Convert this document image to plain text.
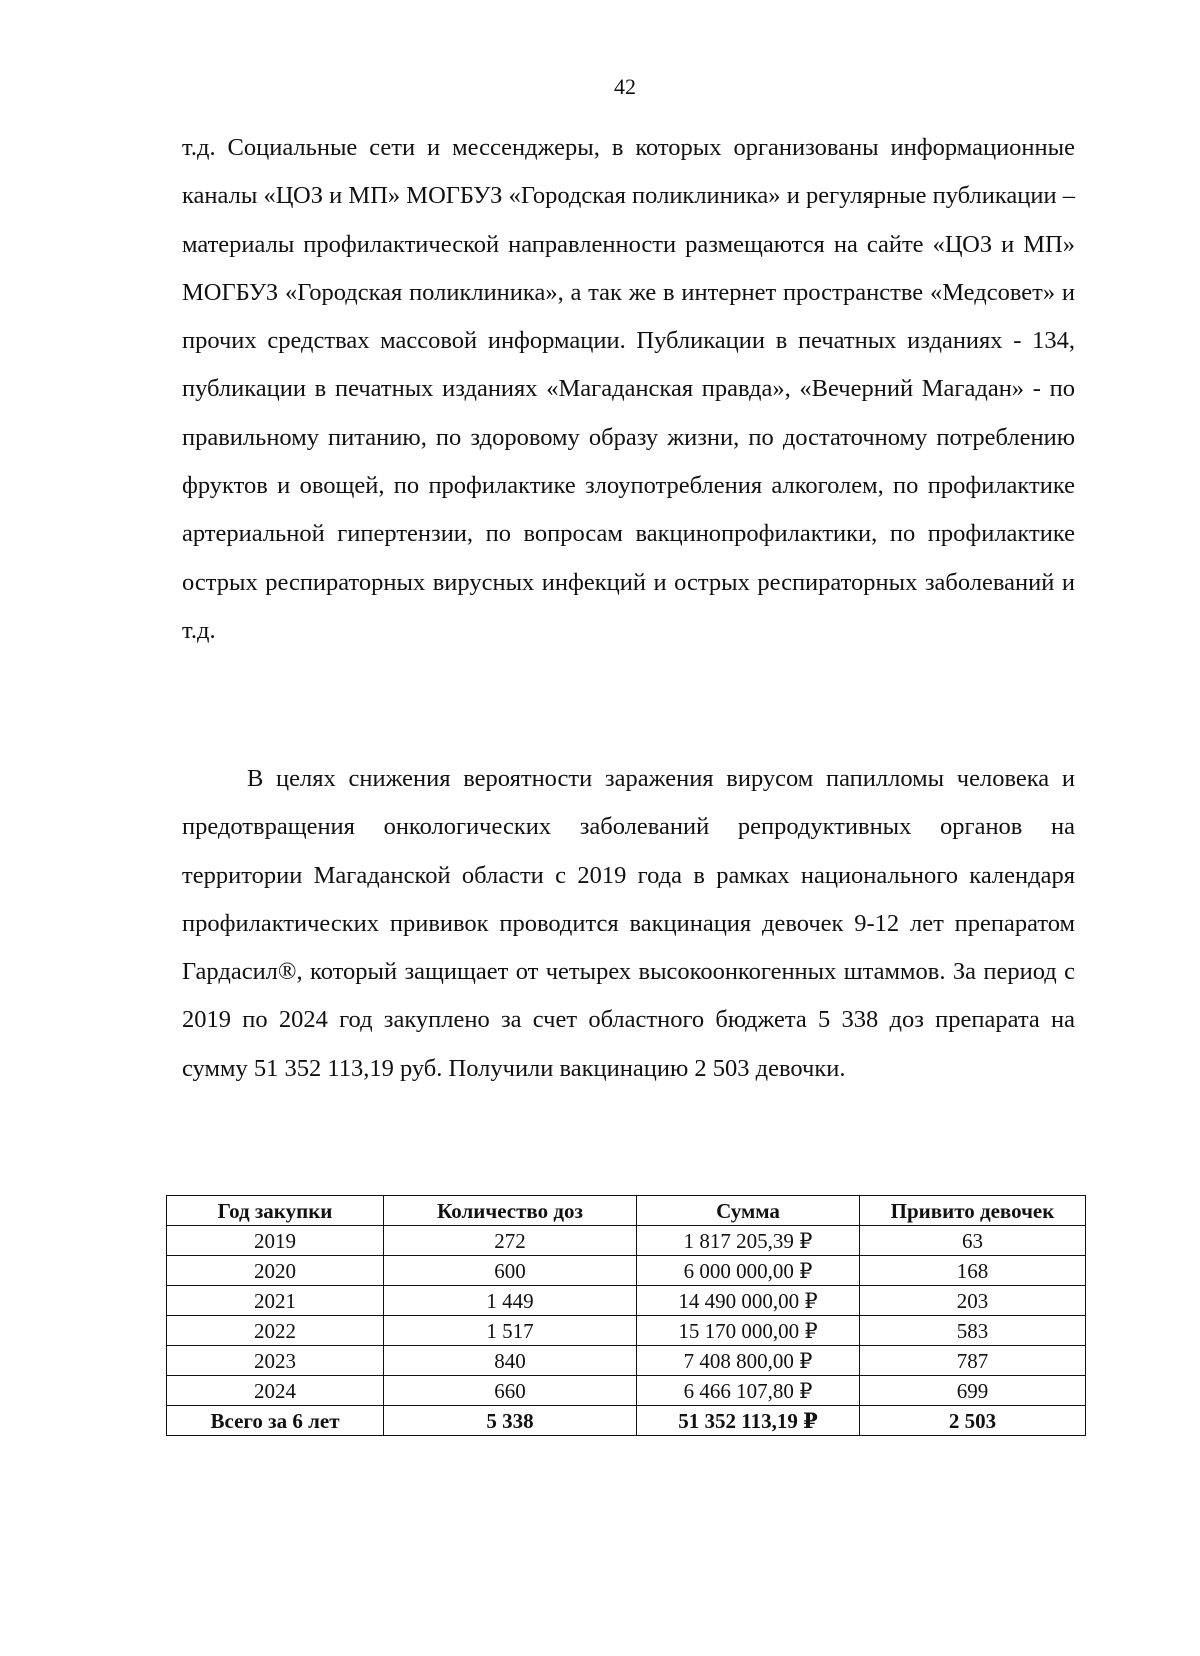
42

т.д. Социальные сети и мессенджеры, в которых организованы информационные каналы «ЦОЗ и МП» МОГБУЗ «Городская поликлиника» и регулярные публикации – материалы профилактической направленности размещаются на сайте «ЦОЗ и МП» МОГБУЗ «Городская поликлиника», а так же в интернет пространстве «Медсовет» и прочих средствах массовой информации. Публикации в печатных изданиях - 134, публикации в печатных изданиях «Магаданская правда», «Вечерний Магадан» - по правильному питанию, по здоровому образу жизни, по достаточному потреблению фруктов и овощей, по профилактике злоупотребления алкоголем, по профилактике артериальной гипертензии, по вопросам вакцинопрофилактики, по профилактике острых респираторных вирусных инфекций и острых респираторных заболеваний и т.д.

В целях снижения вероятности заражения вирусом папилломы человека и предотвращения онкологических заболеваний репродуктивных органов на территории Магаданской области с 2019 года в рамках национального календаря профилактических прививок проводится вакцинация девочек 9-12 лет препаратом Гардасил®, который защищает от четырех высокоонкогенных штаммов. За период с 2019 по 2024 год закуплено за счет областного бюджета 5 338 доз препарата на сумму 51 352 113,19 руб. Получили вакцинацию 2 503 девочки.

Год закупки	Количество доз	Сумма	Привито девочек
2019	272	1 817 205,39 ₽	63
2020	600	6 000 000,00 ₽	168
2021	1 449	14 490 000,00 ₽	203
2022	1 517	15 170 000,00 ₽	583
2023	840	7 408 800,00 ₽	787
2024	660	6 466 107,80 ₽	699
Всего за 6 лет	5 338	51 352 113,19 ₽	2 503
